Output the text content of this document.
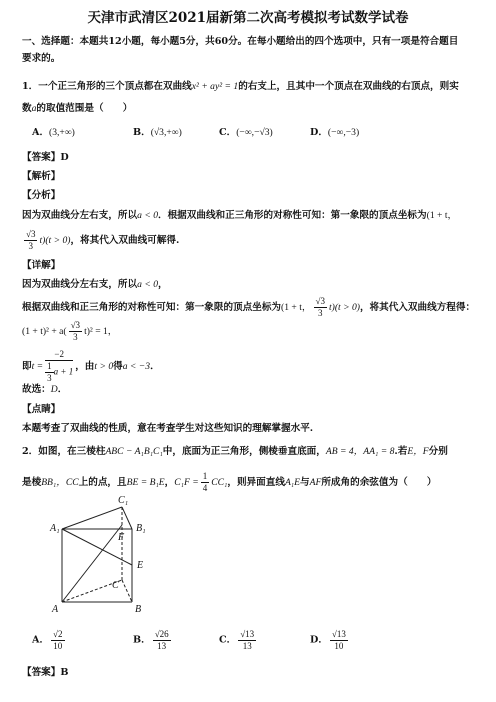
天津市武清区2021届新第二次高考模拟考试数学试卷
一、选择题：本题共12小题，每小题5分，共60分。在每小题给出的四个选项中，只有一项是符合题目
要求的。
1．一个正三角形的三个顶点都在双曲线x² + ay² = 1的右支上，且其中一个顶点在双曲线的右顶点，则实
数a的取值范围是（　　）
A．(3,+∞)	B．(√3,+∞)	C．(−∞,−√3)	D．(−∞,−3)
【答案】D
【解析】
【分析】
因为双曲线分左右支，所以a < 0．根据双曲线和正三角形的对称性可知：第一象限的顶点坐标为(1 + t，
$\frac{√3}{3} t)(t > 0)$，将其代入双曲线可解得.
【详解】
因为双曲线分左右支，所以a < 0，
根据双曲线和正三角形的对称性可知：第一象限的顶点坐标为(1 + t， $\frac{√3}{3} t)(t > 0)$，将其代入双曲线方程得：
$(1 + t)^2 + a( \frac{√3}{3} t)^2 = 1$，
即$t = \frac{-2}{\frac{1}{3} a + 1}$ ，由t > 0得a < −3．
故选：D．
【点睛】
本题考查了双曲线的性质，意在考查学生对这些知识的理解掌握水平.
2．如图，在三棱柱ABC − A₁B₁C₁中，底面为正三角形，侧棱垂直底面，AB = 4，AA₁ = 8.若E，F分别
是棱BB₁，CC上的点，且BE = B₁E，$C_1F = \frac{1}{4} CC_1$，则异面直线A₁E与AF所成角的余弦值为（　　）
C₁
A₁	B₁
F
E
C
A	B
A． $\frac{√2}{10}$	B． $\frac{√26}{13}$	C． $\frac{√13}{13}$	D． $\frac{√13}{10}$
【答案】B
